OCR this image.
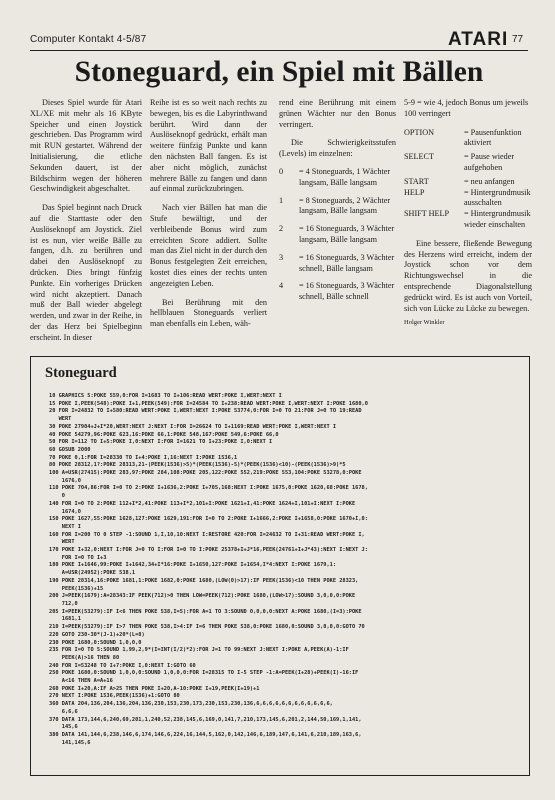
Computer Kontakt 4-5/87	ATARI 77
Stoneguard, ein Spiel mit Bällen

Dieses Spiel wurde für Atari XL/XE mit mehr als 16 KByte Speicher und einen Joystick geschrieben. Das Programm wird mit RUN gestartet. Während der Initialisierung, die etliche Sekunden dauert, ist der Bildschirm wegen der höheren Geschwindigkeit abgeschaltet.

Das Spiel beginnt nach Druck auf die Starttaste oder den Auslöseknopf am Joystick. Ziel ist es nun, vier weiße Bälle zu fangen, d.h. zu berühren und dabei den Auslöseknopf zu drücken. Dies bringt fünfzig Punkte. Ein vorheriges Drücken wird nicht akzeptiert. Danach muß der Ball wieder abgelegt werden, und zwar in der Reihe, in der das Herz bei Spielbeginn erscheint. In dieser

Reihe ist es so weit nach rechts zu bewegen, bis es die Labyrinthwand berührt. Wird dann der Auslöseknopf gedrückt, erhält man weitere fünfzig Punkte und kann den nächsten Ball fangen. Es ist aber nicht möglich, zunächst mehrere Bälle zu fangen und dann auf einmal zurückzubringen.

Nach vier Bällen hat man die Stufe bewältigt, und der verbleibende Bonus wird zum erreichten Score addiert. Sollte man das Ziel nicht in der durch den Bonus festgelegten Zeit erreichen, kostet dies eines der rechts unten angezeigten Leben.

Bei Berührung mit den hellblauen Stoneguards verliert man ebenfalls ein Leben, wäh-

rend eine Berührung mit einem grünen Wächter nur den Bonus verringert.

Die Schwierigkeitsstufen (Levels) im einzelnen:

0	= 4 Stoneguards, 1 Wächter langsam, Bälle langsam
1	= 8 Stoneguards, 2 Wächter langsam, Bälle langsam
2	= 16 Stoneguards, 3 Wächter langsam, Bälle langsam
3	= 16 Stoneguards, 3 Wächter schnell, Bälle langsam
4	= 16 Stoneguards, 3 Wächter schnell, Bälle schnell

5-9 = wie 4, jedoch Bonus um jeweils 100 verringert

OPTION	= Pausenfunktion aktiviert
SELECT	= Pause wieder aufgehoben
START	= neu anfangen
HELP	= Hintergrundmusik ausschalten
SHIFT HELP	= Hintergrundmusik wieder einschalten

Eine bessere, fließende Bewegung des Herzens wird erreicht, indem der Joystick schon vor dem Richtungswechsel in die entsprechende Diagonalstellung gedrückt wird. Es ist auch von Vorteil, sich von Lücke zu Lücke zu bewegen.

Holger Winkler
Stoneguard
10 GRAPHICS 5:POKE 559,0:FOR I=1683 TO I+106:READ WERT:POKE I,WERT:NEXT I
15 POKE I,PEEK(548):POKE I+1,PEEK(549):FOR I=24584 TO I+238:READ WERT:POKE I,WERT:NEXT I:POKE 1680,0
20 FOR I=24832 TO I+580:READ WERT:POKE I,WERT:NEXT I:POKE 53774,0:FOR I=0 TO 21:FOR J=0 TO 19:READ
WERT
30 POKE 27904+J+I*20,WERT:NEXT J:NEXT I:FOR I=26624 TO I+1169:READ WERT:POKE I,WERT:NEXT I
40 POKE 54279,96:POKE 623,16:POKE 66,1:POKE 548,167:POKE 549,6:POKE 66,0
50 FOR I=112 TO I+5:POKE I,0:NEXT I:FOR I=1621 TO I+23:POKE I,0:NEXT I
60 GOSUB 2000
70 POKE 0,1:FOR I=28330 TO I+4:POKE I,16:NEXT I:POKE 1536,1
80 POKE 28312,1?:POKE 28313,21-(PEEK(1536)>5)*(PEEK(1536)-5)*(PEEK(1536)<10)-(PEEK(1536)>9)*5
100 A=USR(27415):POKE 283,97:POKE 284,108:POKE 205,122:POKE 552,219:POKE 553,104:POKE 53278,0:POKE
1676,0
110 POKE 704,86:FOR I=0 TO 2:POKE I+1636,2:POKE I+705,168:NEXT I:POKE 1675,0:POKE 1620,68:POKE 1678,
0
140 FOR I=0 TO 2:POKE 112+I*2,41:POKE 113+I*2,101+I:POKE 1621+I,41:POKE 1624+I,101+I:NEXT I:POKE
1674,0
150 POKE 1627,55:POKE 1628,127:POKE 1629,191:FOR I=0 TO 2:POKE I+1666,2:POKE I+1658,0:POKE 1670+I,0:
NEXT I
160 FOR I=200 TO 0 STEP -1:SOUND 1,I,10,10:NEXT I:RESTORE 420:FOR I=24632 TO I+31:READ WERT:POKE I,
WERT
170 POKE I+32,0:NEXT I:FOR J=0 TO I:FOR I=0 TO I:POKE 25378+I+J*16,PEEK(24761+I+J*43):NEXT I:NEXT J:
FOR I=0 TO I+3
180 POKE I+1646,99:POKE I+1642,34+I*16:POKE I+1650,127:POKE I+1654,I*4:NEXT I:POKE 1679,1:
A=USR(24952):POKE 538,1
190 POKE 28314,16:POKE 1681,1:POKE 1682,0:POKE 1680,(LOW(0)>17):IF PEEK(1536)<10 THEN POKE 28323,
PEEK(1536)+15
200 J=PEEK(1679):A=28343:IF PEEK(712)>0 THEN LOW=PEEK(712):POKE 1680,(LOW>17):SOUND 3,0,0,0:POKE
712,0
205 I=PEEK(53279):IF I<6 THEN POKE 538,I=5):FOR A=1 TO 3:SOUND 0,0,0,0:NEXT A:POKE 1680,(I=3):POKE
1681,1
210 I=PEEK(53279):IF I>7 THEN POKE 538,I>4:IF I=6 THEN POKE 538,0:POKE 1680,0:SOUND 3,0,0,0:GOTO 70
220 GOTO 230-30*(J-1)+20*(L=8)
230 POKE 1680,0:SOUND 1,0,0,0
235 FOR I=0 TO 5:SOUND 1,99,2,9*(I=INT(I/2)*2):FOR J=1 TO 99:NEXT J:NEXT I:POKE A,PEEK(A)-1:IF
PEEK(A)>16 THEN 80
240 FOR I=53248 TO I+7:POKE I,0:NEXT I:GOTO 60
250 POKE 1680,0:SOUND 1,0,0,0:SOUND 1,0,0,0:FOR I=28315 TO I-5 STEP -1:A=PEEK(I+28)+PEEK(I)-16:IF
A<16 THEN A=A+16
260 POKE I+20,A:IF A>25 THEN POKE I+20,A-10:POKE I+19,PEEK(I+19)+1
270 NEXT I:POKE 1536,PEEK(1536)+1:GOTO 80
360 DATA 204,136,204,136,204,136,230,153,230,173,230,153,230,136,6,6,6,6,6,6,6,6,6,6,6,6,
6,6,6
370 DATA 173,144,6,240,69,201,1,240,52,238,145,6,169,0,141,7,210,173,145,6,201,2,144,50,169,1,141,
145,6
380 DATA 141,144,6,238,146,6,174,146,6,224,16,144,5,162,0,142,146,6,189,147,6,141,6,210,189,163,6,
141,145,6
